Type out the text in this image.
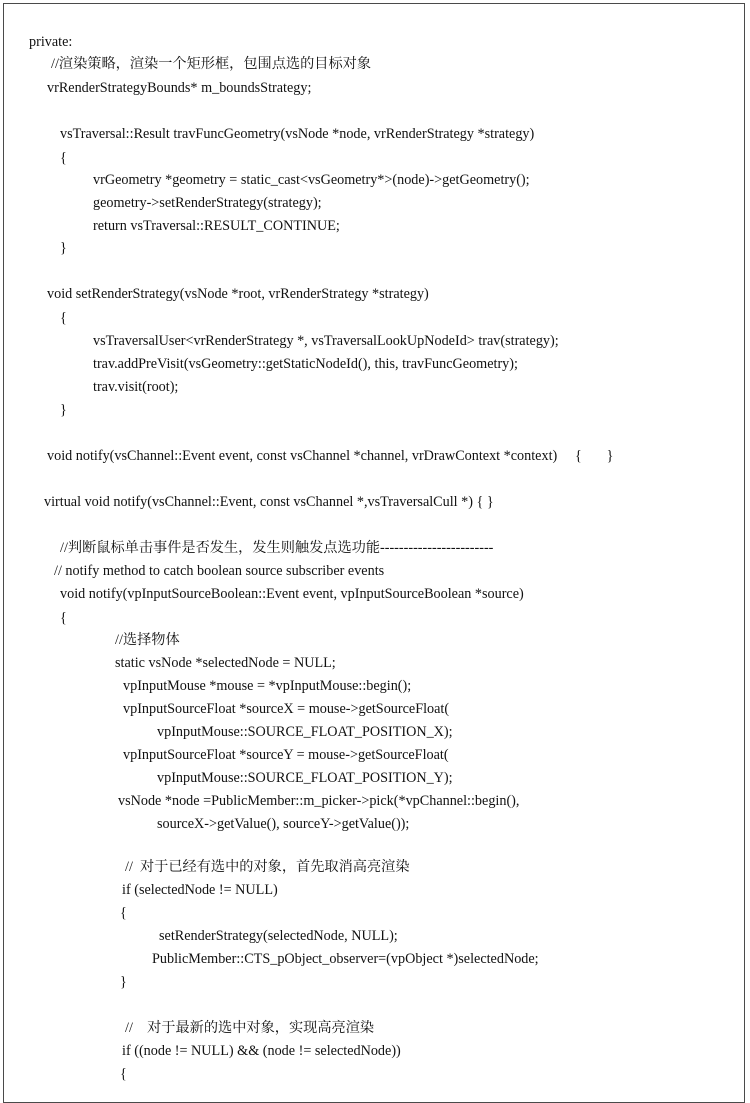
private:
//渲染策略，渲染一个矩形框，包围点选的目标对象
vrRenderStrategyBounds* m_boundsStrategy;
vsTraversal::Result travFuncGeometry(vsNode *node, vrRenderStrategy *strategy)
{
vrGeometry *geometry = static_cast<vsGeometry*>(node)->getGeometry();
geometry->setRenderStrategy(strategy);
return vsTraversal::RESULT_CONTINUE;
}
void setRenderStrategy(vsNode *root, vrRenderStrategy *strategy)
{
vsTraversalUser<vrRenderStrategy *, vsTraversalLookUpNodeId> trav(strategy);
trav.addPreVisit(vsGeometry::getStaticNodeId(), this, travFuncGeometry);
trav.visit(root);
}
void notify(vsChannel::Event event, const vsChannel *channel, vrDrawContext *context)     {       }
virtual void notify(vsChannel::Event, const vsChannel *,vsTraversalCull *) { }
//判断鼠标单击事件是否发生，发生则触发点选功能------------------------
// notify method to catch boolean source subscriber events
void notify(vpInputSourceBoolean::Event event, vpInputSourceBoolean *source)
{
//选择物体
static vsNode *selectedNode = NULL;
vpInputMouse *mouse = *vpInputMouse::begin();
vpInputSourceFloat *sourceX = mouse->getSourceFloat(
vpInputMouse::SOURCE_FLOAT_POSITION_X);
vpInputSourceFloat *sourceY = mouse->getSourceFloat(
vpInputMouse::SOURCE_FLOAT_POSITION_Y);
vsNode *node =PublicMember::m_picker->pick(*vpChannel::begin(),
sourceX->getValue(), sourceY->getValue());
//  对于已经有选中的对象，首先取消高亮渲染
if (selectedNode != NULL)
{
setRenderStrategy(selectedNode, NULL);
PublicMember::CTS_pObject_observer=(vpObject *)selectedNode;
}
//    对于最新的选中对象，实现高亮渲染
if ((node != NULL) && (node != selectedNode))
{
